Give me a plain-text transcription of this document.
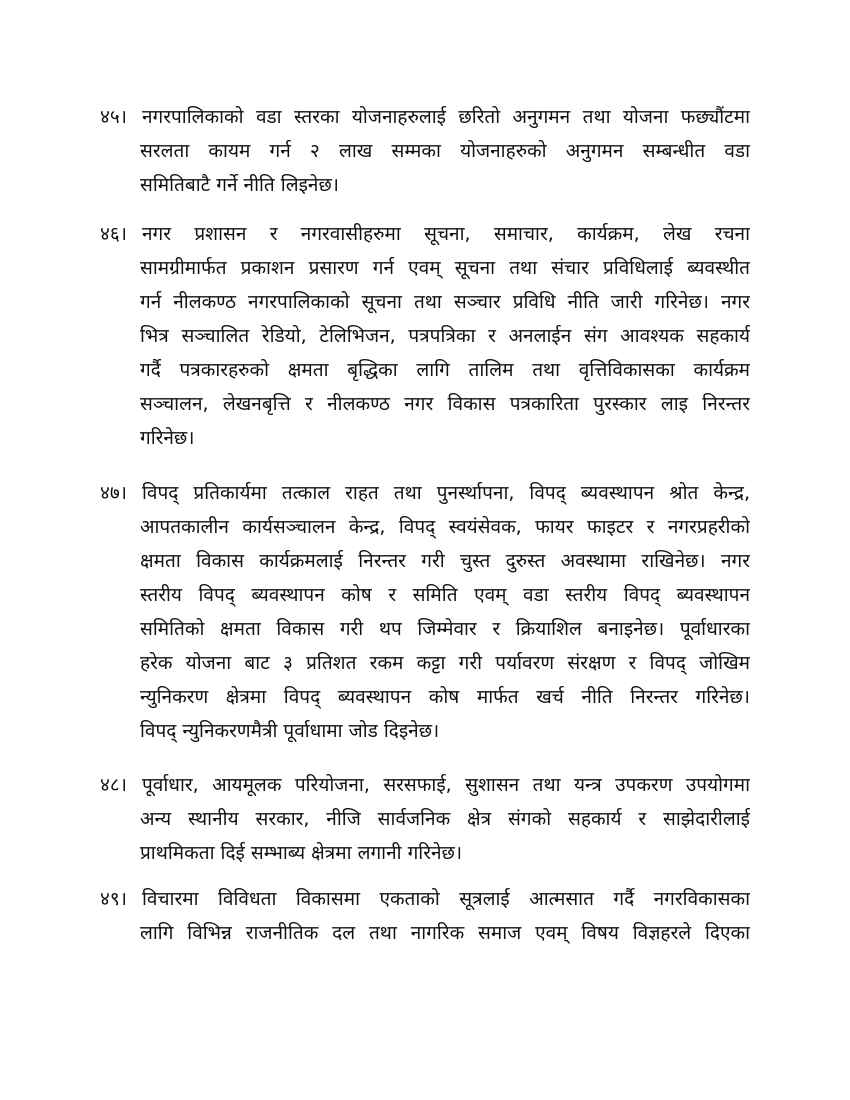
४५। नगरपालिकाको वडा स्तरका योजनाहरुलाई छरितो अनुगमन तथा योजना फछ्यौंटमा
सरलता कायम गर्न २ लाख सम्मका योजनाहरुको अनुगमन सम्बन्धीत वडा
समितिबाटै गर्ने नीति लिइनेछ।
४६। नगर प्रशासन र नगरवासीहरुमा सूचना, समाचार, कार्यक्रम, लेख रचना
सामग्रीमार्फत प्रकाशन प्रसारण गर्न एवम् सूचना तथा संचार प्रविधिलाई ब्यवस्थीत
गर्न नीलकण्ठ नगरपालिकाको सूचना तथा सञ्चार प्रविधि नीति जारी गरिनेछ। नगर
भित्र सञ्चालित रेडियो, टेलिभिजन, पत्रपत्रिका र अनलाईन संग आवश्यक सहकार्य
गर्दै पत्रकारहरुको क्षमता बृद्धिका लागि तालिम तथा वृत्तिविकासका कार्यक्रम
सञ्चालन, लेखनबृत्ति र नीलकण्ठ नगर विकास पत्रकारिता पुरस्कार लाइ निरन्तर
गरिनेछ।
४७। विपद् प्रतिकार्यमा तत्काल राहत तथा पुनर्स्थापना, विपद् ब्यवस्थापन श्रोत केन्द्र,
आपतकालीन कार्यसञ्चालन केन्द्र, विपद् स्वयंसेवक, फायर फाइटर र नगरप्रहरीको
क्षमता विकास कार्यक्रमलाई निरन्तर गरी चुस्त दुरुस्त अवस्थामा राखिनेछ। नगर
स्तरीय विपद् ब्यवस्थापन कोष र समिति एवम् वडा स्तरीय विपद् ब्यवस्थापन
समितिको क्षमता विकास गरी थप जिम्मेवार र क्रियाशिल बनाइनेछ। पूर्वाधारका
हरेक योजना बाट ३ प्रतिशत रकम कट्टा गरी पर्यावरण संरक्षण र विपद् जोखिम
न्युनिकरण क्षेत्रमा विपद् ब्यवस्थापन कोष मार्फत खर्च नीति निरन्तर गरिनेछ।
विपद् न्युनिकरणमैत्री पूर्वाधामा जोड दिइनेछ।
४८। पूर्वाधार, आयमूलक परियोजना, सरसफाई, सुशासन तथा यन्त्र उपकरण उपयोगमा
अन्य स्थानीय सरकार, नीजि सार्वजनिक क्षेत्र संगको सहकार्य र साझेदारीलाई
प्राथमिकता दिई सम्भाब्य क्षेत्रमा लगानी गरिनेछ।
४९। विचारमा विविधता विकासमा एकताको सूत्रलाई आत्मसात गर्दै नगरविकासका
लागि विभिन्न राजनीतिक दल तथा नागरिक समाज एवम् विषय विज्ञहरले दिएका
